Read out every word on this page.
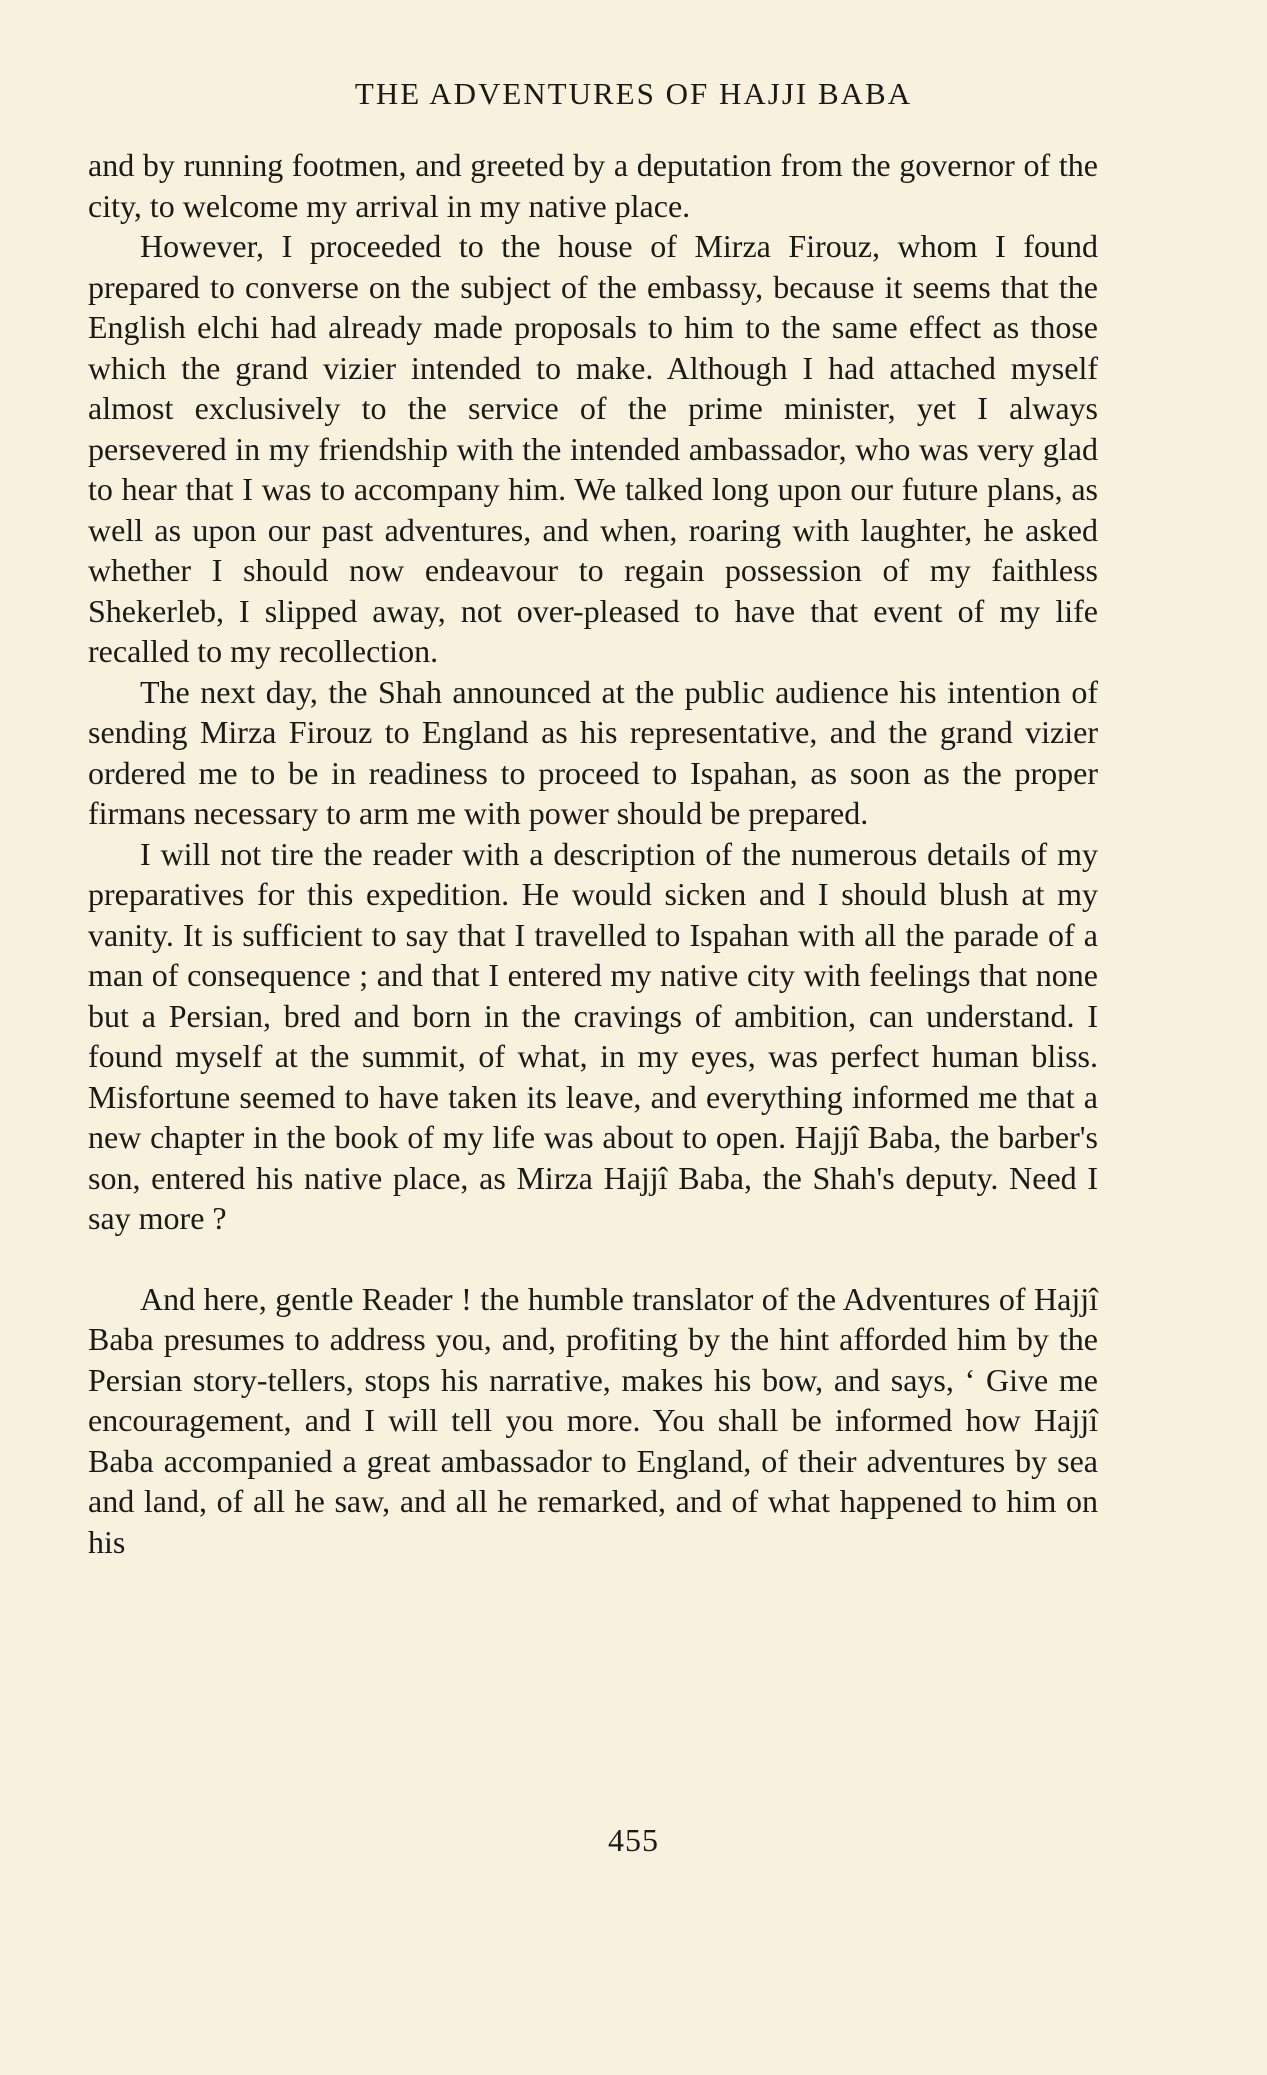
THE ADVENTURES OF HAJJI BABA

and by running footmen, and greeted by a deputation from the governor of the city, to welcome my arrival in my native place.

However, I proceeded to the house of Mirza Firouz, whom I found prepared to converse on the subject of the embassy, because it seems that the English elchi had already made proposals to him to the same effect as those which the grand vizier intended to make. Although I had attached myself almost exclusively to the service of the prime minister, yet I always persevered in my friendship with the intended ambassador, who was very glad to hear that I was to accompany him. We talked long upon our future plans, as well as upon our past adventures, and when, roaring with laughter, he asked whether I should now endeavour to regain possession of my faithless Shekerleb, I slipped away, not over-pleased to have that event of my life recalled to my recollection.

The next day, the Shah announced at the public audience his intention of sending Mirza Firouz to England as his representative, and the grand vizier ordered me to be in readiness to proceed to Ispahan, as soon as the proper firmans necessary to arm me with power should be prepared.

I will not tire the reader with a description of the numerous details of my preparatives for this expedition. He would sicken and I should blush at my vanity. It is sufficient to say that I travelled to Ispahan with all the parade of a man of consequence ; and that I entered my native city with feelings that none but a Persian, bred and born in the cravings of ambition, can understand. I found myself at the summit, of what, in my eyes, was perfect human bliss. Misfortune seemed to have taken its leave, and everything informed me that a new chapter in the book of my life was about to open. Hajjî Baba, the barber's son, entered his native place, as Mirza Hajjî Baba, the Shah's deputy. Need I say more ?

And here, gentle Reader ! the humble translator of the Adventures of Hajjî Baba presumes to address you, and, profiting by the hint afforded him by the Persian story-tellers, stops his narrative, makes his bow, and says, ‘ Give me encouragement, and I will tell you more. You shall be informed how Hajjî Baba accompanied a great ambassador to England, of their adventures by sea and land, of all he saw, and all he remarked, and of what happened to him on his

455
